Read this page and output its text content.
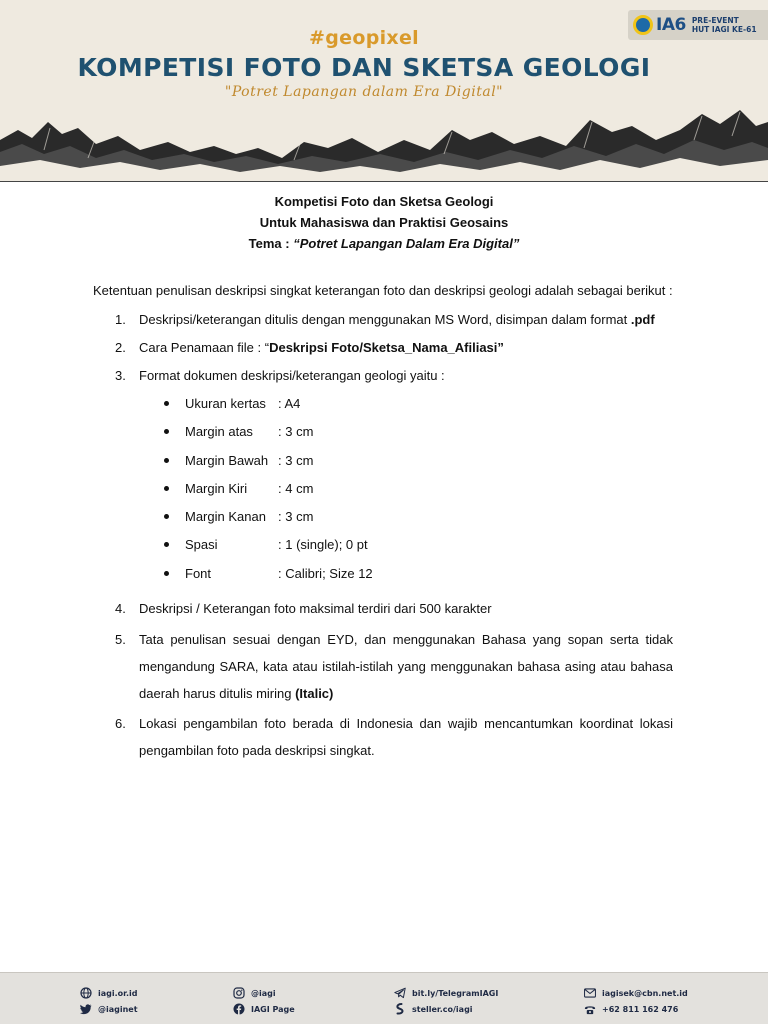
#geopixel
KOMPETISI FOTO DAN SKETSA GEOLOGI
"Potret Lapangan dalam Era Digital"
IA6 PRE-EVENT
HUT IAGI KE-61
Kompetisi Foto dan Sketsa Geologi
Untuk Mahasiswa dan Praktisi Geosains
Tema : “Potret Lapangan Dalam Era Digital”

Ketentuan penulisan deskripsi singkat keterangan foto dan deskripsi geologi adalah sebagai berikut :

1.	Deskripsi/keterangan ditulis dengan menggunakan MS Word, disimpan dalam format .pdf
2.	Cara Penamaan file : “Deskripsi Foto/Sketsa_Nama_Afiliasi”
3.	Format dokumen deskripsi/keterangan geologi yaitu :
Ukuran kertas : A4
Margin atas : 3 cm
Margin Bawah : 3 cm
Margin Kiri : 4 cm
Margin Kanan : 3 cm
Spasi	: 1 (single); 0 pt
Font	: Calibri; Size 12
4.	Deskripsi / Keterangan foto maksimal terdiri dari 500 karakter
5.	Tata penulisan sesuai dengan EYD, dan menggunakan Bahasa yang sopan serta tidak mengandung SARA, kata atau istilah-istilah yang menggunakan bahasa asing atau bahasa daerah harus ditulis miring (Italic)
6.	Lokasi pengambilan foto berada di Indonesia dan wajib mencantumkan koordinat lokasi pengambilan foto pada deskripsi singkat.
iagi.or.id
@iaginet
@iagi
IAGI Page
bit.ly/TelegramIAGI
steller.co/iagi
iagisek@cbn.net.id
+62 811 162 476
